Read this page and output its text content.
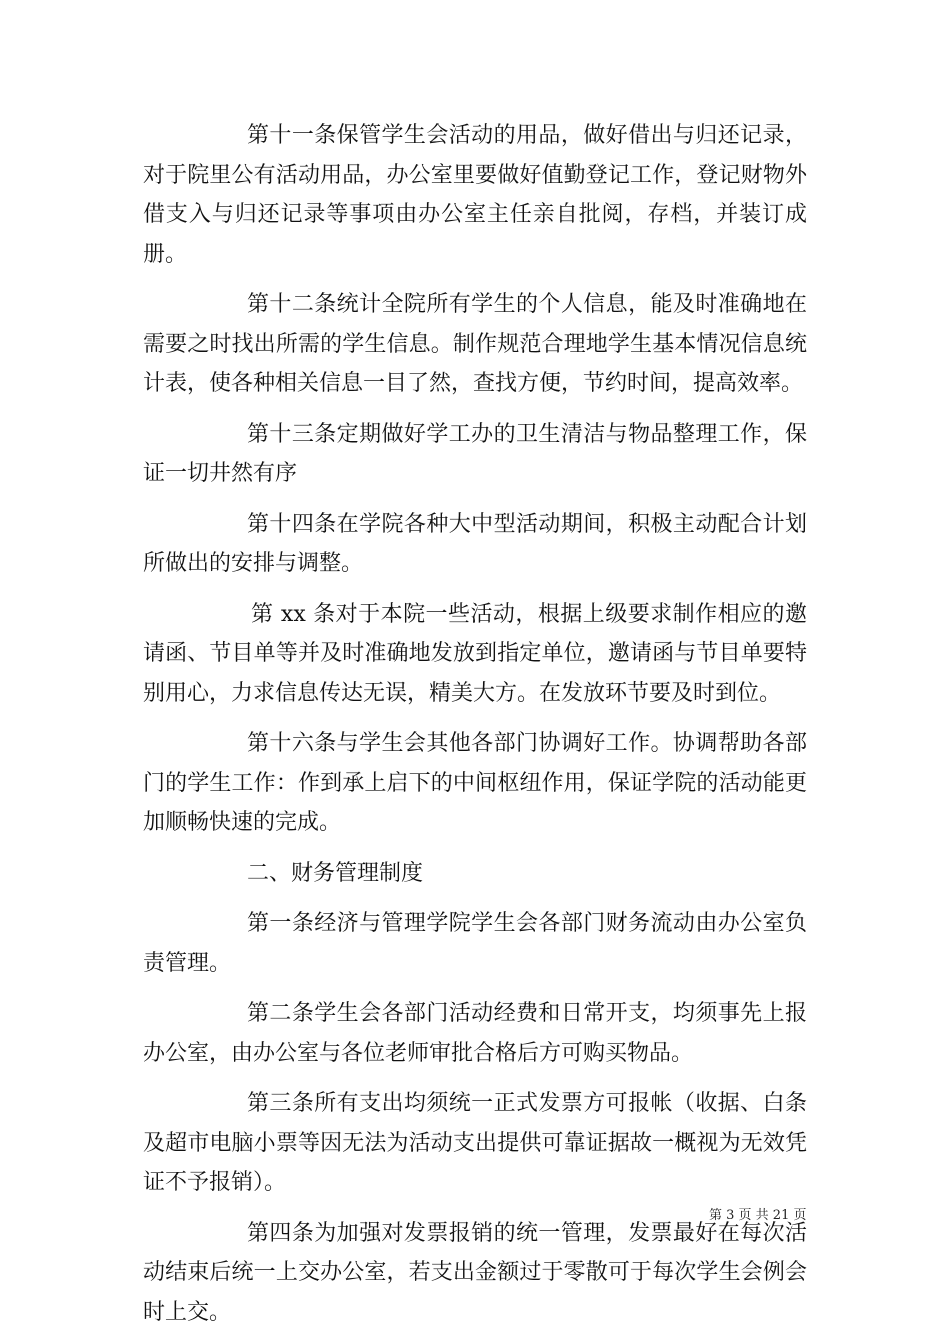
第十一条保管学生会活动的用品，做好借出与归还记录，对于院里公有活动用品，办公室里要做好值勤登记工作，登记财物外借支入与归还记录等事项由办公室主任亲自批阅，存档，并装订成册。

第十二条统计全院所有学生的个人信息，能及时准确地在需要之时找出所需的学生信息。制作规范合理地学生基本情况信息统计表，使各种相关信息一目了然，查找方便，节约时间，提高效率。

第十三条定期做好学工办的卫生清洁与物品整理工作，保证一切井然有序

第十四条在学院各种大中型活动期间，积极主动配合计划所做出的安排与调整。

第 xx 条对于本院一些活动，根据上级要求制作相应的邀请函、节目单等并及时准确地发放到指定单位，邀请函与节目单要特别用心，力求信息传达无误，精美大方。在发放环节要及时到位。

第十六条与学生会其他各部门协调好工作。协调帮助各部门的学生工作：作到承上启下的中间枢纽作用，保证学院的活动能更加顺畅快速的完成。

二、财务管理制度

第一条经济与管理学院学生会各部门财务流动由办公室负责管理。

第二条学生会各部门活动经费和日常开支，均须事先上报办公室，由办公室与各位老师审批合格后方可购买物品。

第三条所有支出均须统一正式发票方可报帐（收据、白条及超市电脑小票等因无法为活动支出提供可靠证据故一概视为无效凭证不予报销）。

第四条为加强对发票报销的统一管理，发票最好在每次活动结束后统一上交办公室，若支出金额过于零散可于每次学生会例会时上交。

第 3 页 共 21 页
